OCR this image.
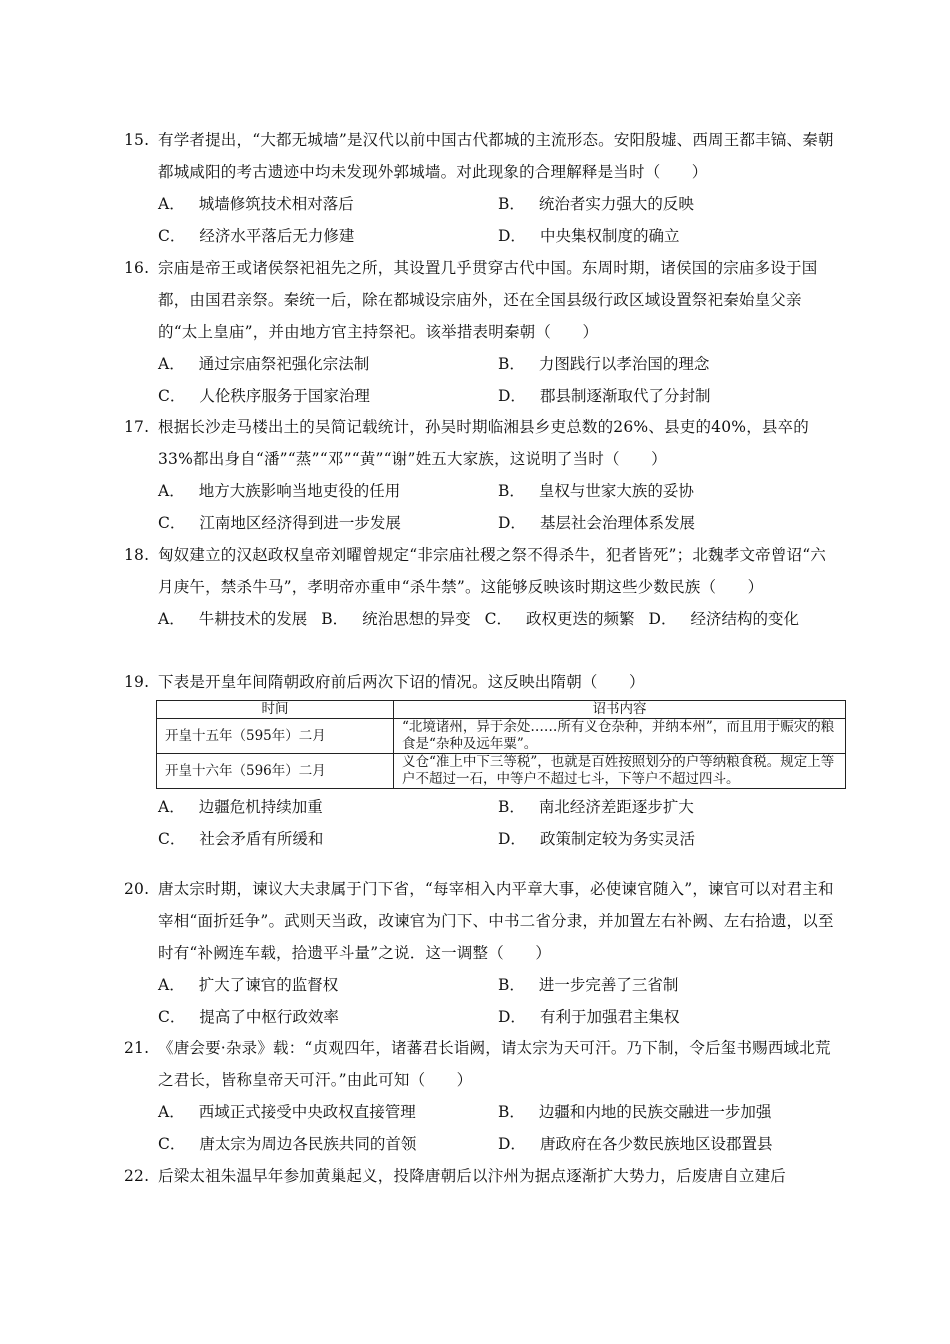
15. 有学者提出，“大都无城墙”是汉代以前中国古代都城的主流形态。安阳殷墟、西周王都丰镐、秦朝都城咸阳的考古遗迹中均未发现外郭城墙。对此现象的合理解释是当时（　　）
A． 城墙修筑技术相对落后	B． 统治者实力强大的反映
C． 经济水平落后无力修建	D． 中央集权制度的确立
16. 宗庙是帝王或诸侯祭祀祖先之所，其设置几乎贯穿古代中国。东周时期，诸侯国的宗庙多设于国都，由国君亲祭。秦统一后，除在都城设宗庙外，还在全国县级行政区域设置祭祀秦始皇父亲的“太上皇庙”，并由地方官主持祭祀。该举措表明秦朝（　　）
A． 通过宗庙祭祀强化宗法制	B． 力图践行以孝治国的理念
C． 人伦秩序服务于国家治理	D． 郡县制逐渐取代了分封制
17. 根据长沙走马楼出土的吴简记载统计，孙吴时期临湘县乡吏总数的26%、县吏的40%，县卒的33%都出身自“潘”“蒸”“邓”“黄”“谢”姓五大家族，这说明了当时（　　）
A． 地方大族影响当地吏役的任用	B． 皇权与世家大族的妥协
C． 江南地区经济得到进一步发展	D． 基层社会治理体系发展
18. 匈奴建立的汉赵政权皇帝刘曜曾规定“非宗庙社稷之祭不得杀牛，犯者皆死”；北魏孝文帝曾诏“六月庚午，禁杀牛马”，孝明帝亦重申“杀牛禁”。这能够反映该时期这些少数民族（　　）
A． 牛耕技术的发展 B． 统治思想的异变 C． 政权更迭的频繁 D． 经济结构的变化
19. 下表是开皇年间隋朝政府前后两次下诏的情况。这反映出隋朝（　　）
时间	诏书内容
开皇十五年（595年）二月	“北境诸州，异于余处……所有义仓杂种，并纳本州”，而且用于赈灾的粮食是“杂种及远年粟”。
开皇十六年（596年）二月	义仓“准上中下三等税”，也就是百姓按照划分的户等纳粮食税。规定上等户不超过一石，中等户不超过七斗，下等户不超过四斗。
A． 边疆危机持续加重	B． 南北经济差距逐步扩大
C． 社会矛盾有所缓和	D． 政策制定较为务实灵活
20. 唐太宗时期，谏议大夫隶属于门下省，“每宰相入内平章大事，必使谏官随入”，谏官可以对君主和宰相“面折廷争”。武则天当政，改谏官为门下、中书二省分隶，并加置左右补阙、左右拾遗，以至时有“补阙连车载，拾遗平斗量”之说．这一调整（　　）
A． 扩大了谏官的监督权	B． 进一步完善了三省制
C． 提高了中枢行政效率	D． 有利于加强君主集权
21. 《唐会要·杂录》载：“贞观四年，诸蕃君长诣阙，请太宗为天可汗。乃下制，令后玺书赐西域北荒之君长，皆称皇帝天可汗。”由此可知（　　）
A． 西域正式接受中央政权直接管理	B． 边疆和内地的民族交融进一步加强
C． 唐太宗为周边各民族共同的首领	D． 唐政府在各少数民族地区设郡置县
22. 后梁太祖朱温早年参加黄巢起义，投降唐朝后以汴州为据点逐渐扩大势力，后废唐自立建后
